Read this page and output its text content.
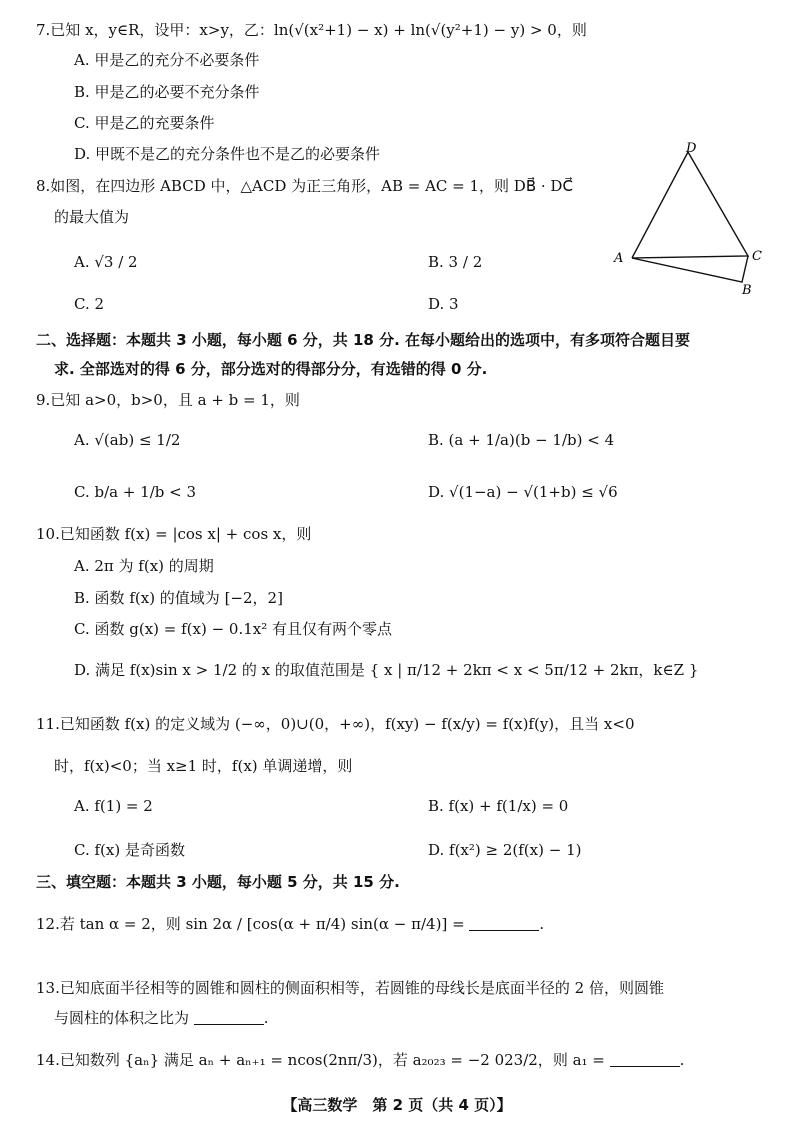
7.已知 x，y∈R，设甲：x>y，乙：ln(√(x²+1) − x) + ln(√(y²+1) − y) > 0，则
A. 甲是乙的充分不必要条件
B. 甲是乙的必要不充分条件
C. 甲是乙的充要条件
D. 甲既不是乙的充分条件也不是乙的必要条件
8.如图，在四边形 ABCD 中，△ACD 为正三角形，AB = AC = 1，则 DB⃗ · DC⃗
的最大值为
A. √3 / 2	B. 3 / 2
C. 2	D. 3
D
A	C
B
二、选择题：本题共 3 小题，每小题 6 分，共 18 分. 在每小题给出的选项中，有多项符合题目要
求. 全部选对的得 6 分，部分选对的得部分分，有选错的得 0 分.
9.已知 a>0，b>0，且 a + b = 1，则
A. √(ab) ≤ 1/2	B. (a + 1/a)(b − 1/b) < 4
C. b/a + 1/b < 3	D. √(1−a) − √(1+b) ≤ √6
10.已知函数 f(x) = |cos x| + cos x，则
A. 2π 为 f(x) 的周期
B. 函数 f(x) 的值域为 [−2，2]
C. 函数 g(x) = f(x) − 0.1x² 有且仅有两个零点
D. 满足 f(x)sin x > 1/2 的 x 的取值范围是 { x | π/12 + 2kπ < x < 5π/12 + 2kπ，k∈Z }
11.已知函数 f(x) 的定义域为 (−∞，0)∪(0，+∞)，f(xy) − f(x/y) = f(x)f(y)，且当 x<0
时，f(x)<0；当 x≥1 时，f(x) 单调递增，则
A. f(1) = 2	B. f(x) + f(1/x) = 0
C. f(x) 是奇函数	D. f(x²) ≥ 2(f(x) − 1)
三、填空题：本题共 3 小题，每小题 5 分，共 15 分.
12.若 tan α = 2，则 sin 2α / [cos(α + π/4) sin(α − π/4)] =	.
13.已知底面半径相等的圆锥和圆柱的侧面积相等，若圆锥的母线长是底面半径的 2 倍，则圆锥
与圆柱的体积之比为	.
14.已知数列 {aₙ} 满足 aₙ + aₙ₊₁ = ncos(2nπ/3)，若 a₂₀₂₃ = −2 023/2，则 a₁ =	.
【高三数学　第 2 页（共 4 页）】
